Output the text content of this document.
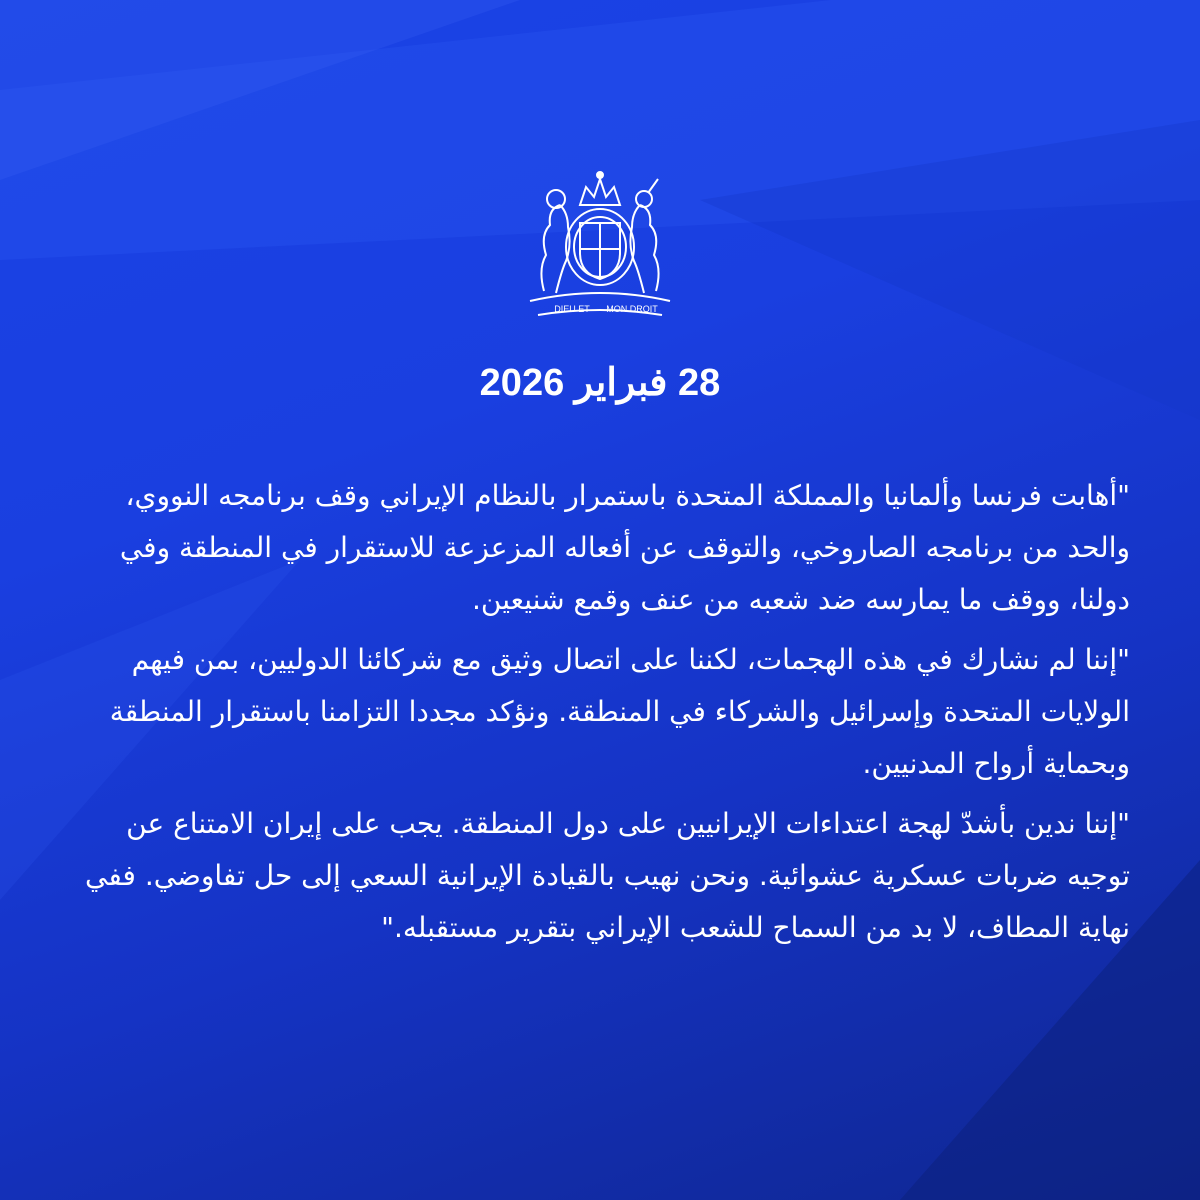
DIEU ET MON DROIT
28 فبراير 2026

"أهابت فرنسا وألمانيا والمملكة المتحدة باستمرار بالنظام الإيراني وقف برنامجه النووي، والحد من برنامجه الصاروخي، والتوقف عن أفعاله المزعزعة للاستقرار في المنطقة وفي دولنا، ووقف ما يمارسه ضد شعبه من عنف وقمع شنيعين.

"إننا لم نشارك في هذه الهجمات، لكننا على اتصال وثيق مع شركائنا الدوليين، بمن فيهم الولايات المتحدة وإسرائيل والشركاء في المنطقة. ونؤكد مجددا التزامنا باستقرار المنطقة وبحماية أرواح المدنيين.

"إننا ندين بأشدّ لهجة اعتداءات الإيرانيين على دول المنطقة. يجب على إيران الامتناع عن توجيه ضربات عسكرية عشوائية. ونحن نهيب بالقيادة الإيرانية السعي إلى حل تفاوضي. ففي نهاية المطاف، لا بد من السماح للشعب الإيراني بتقرير مستقبله."
